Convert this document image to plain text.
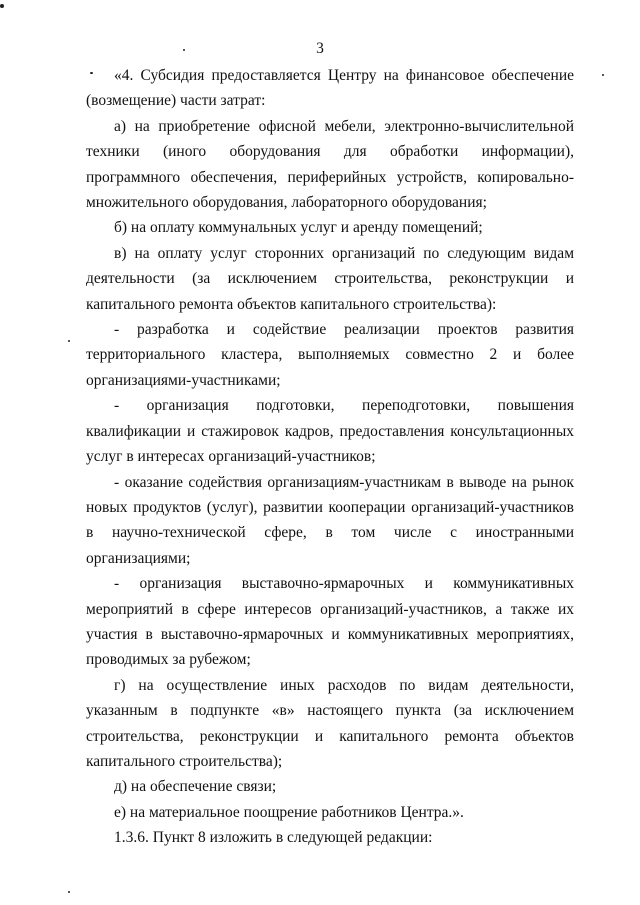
3

«4. Субсидия предоставляется Центру на финансовое обеспечение (возмещение) части затрат:

а) на приобретение офисной мебели, электронно-вычислительной техники (иного оборудования для обработки информации), программного обеспечения, периферийных устройств, копировально-множительного оборудования, лабораторного оборудования;

б) на оплату коммунальных услуг и аренду помещений;

в) на оплату услуг сторонних организаций по следующим видам деятельности (за исключением строительства, реконструкции и капитального ремонта объектов капитального строительства):

- разработка и содействие реализации проектов развития территориального кластера, выполняемых совместно 2 и более организациями-участниками;

- организация подготовки, переподготовки, повышения квалификации и стажировок кадров, предоставления консультационных услуг в интересах организаций-участников;

- оказание содействия организациям-участникам в выводе на рынок новых продуктов (услуг), развитии кооперации организаций-участников в научно-технической сфере, в том числе с иностранными организациями;

- организация выставочно-ярмарочных и коммуникативных мероприятий в сфере интересов организаций-участников, а также их участия в выставочно-ярмарочных и коммуникативных мероприятиях, проводимых за рубежом;

г) на осуществление иных расходов по видам деятельности, указанным в подпункте «в» настоящего пункта (за исключением строительства, реконструкции и капитального ремонта объектов капитального строительства);

д) на обеспечение связи;

е) на материальное поощрение работников Центра.».

1.3.6. Пункт 8 изложить в следующей редакции:
